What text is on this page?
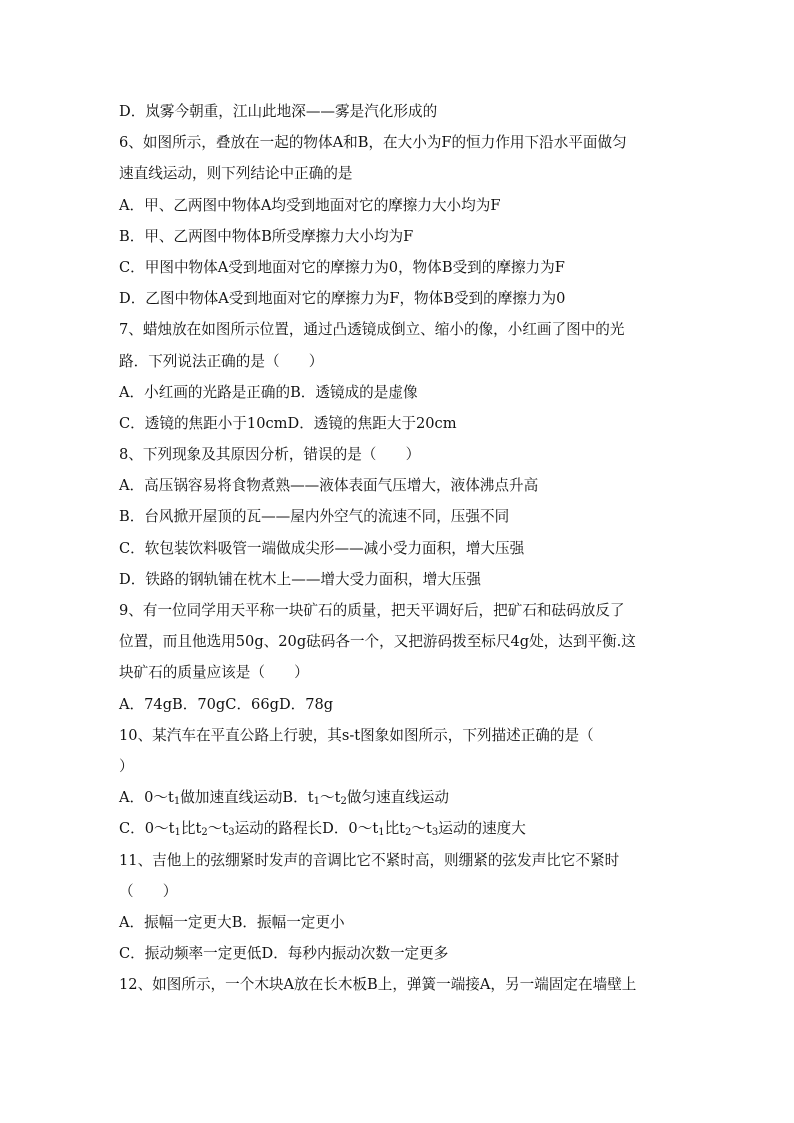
D．岚雾今朝重，江山此地深——雾是汽化形成的
6、如图所示，叠放在一起的物体A和B，在大小为F的恒力作用下沿水平面做匀
速直线运动，则下列结论中正确的是
A．甲、乙两图中物体A均受到地面对它的摩擦力大小均为F
B．甲、乙两图中物体B所受摩擦力大小均为F
C．甲图中物体A受到地面对它的摩擦力为0，物体B受到的摩擦力为F
D．乙图中物体A受到地面对它的摩擦力为F，物体B受到的摩擦力为0
7、蜡烛放在如图所示位置，通过凸透镜成倒立、缩小的像，小红画了图中的光
路．下列说法正确的是（　　）
A．小红画的光路是正确的B．透镜成的是虚像
C．透镜的焦距小于10cmD．透镜的焦距大于20cm
8、下列现象及其原因分析，错误的是（　　）
A．高压锅容易将食物煮熟——液体表面气压增大，液体沸点升高
B．台风掀开屋顶的瓦——屋内外空气的流速不同，压强不同
C．软包装饮料吸管一端做成尖形——减小受力面积，增大压强
D．铁路的钢轨铺在枕木上——增大受力面积，增大压强
9、有一位同学用天平称一块矿石的质量，把天平调好后，把矿石和砝码放反了
位置，而且他选用50g、20g砝码各一个，又把游码拨至标尺4g处，达到平衡.这
块矿石的质量应该是（　　）
A．74gB．70gC．66gD．78g
10、某汽车在平直公路上行驶，其s-t图象如图所示，下列描述正确的是（
）
A．$0\sim t_1$做加速直线运动B．$t_1\sim t_2$做匀速直线运动
C．$0\sim t_1$比$t_2\sim t_3$运动的路程长D．$0\sim t_1$比$t_2\sim t_3$运动的速度大
11、吉他上的弦绷紧时发声的音调比它不紧时高，则绷紧的弦发声比它不紧时
（　　）
A．振幅一定更大B．振幅一定更小
C．振动频率一定更低D．每秒内振动次数一定更多
12、如图所示，一个木块A放在长木板B上，弹簧一端接A，另一端固定在墙壁上
